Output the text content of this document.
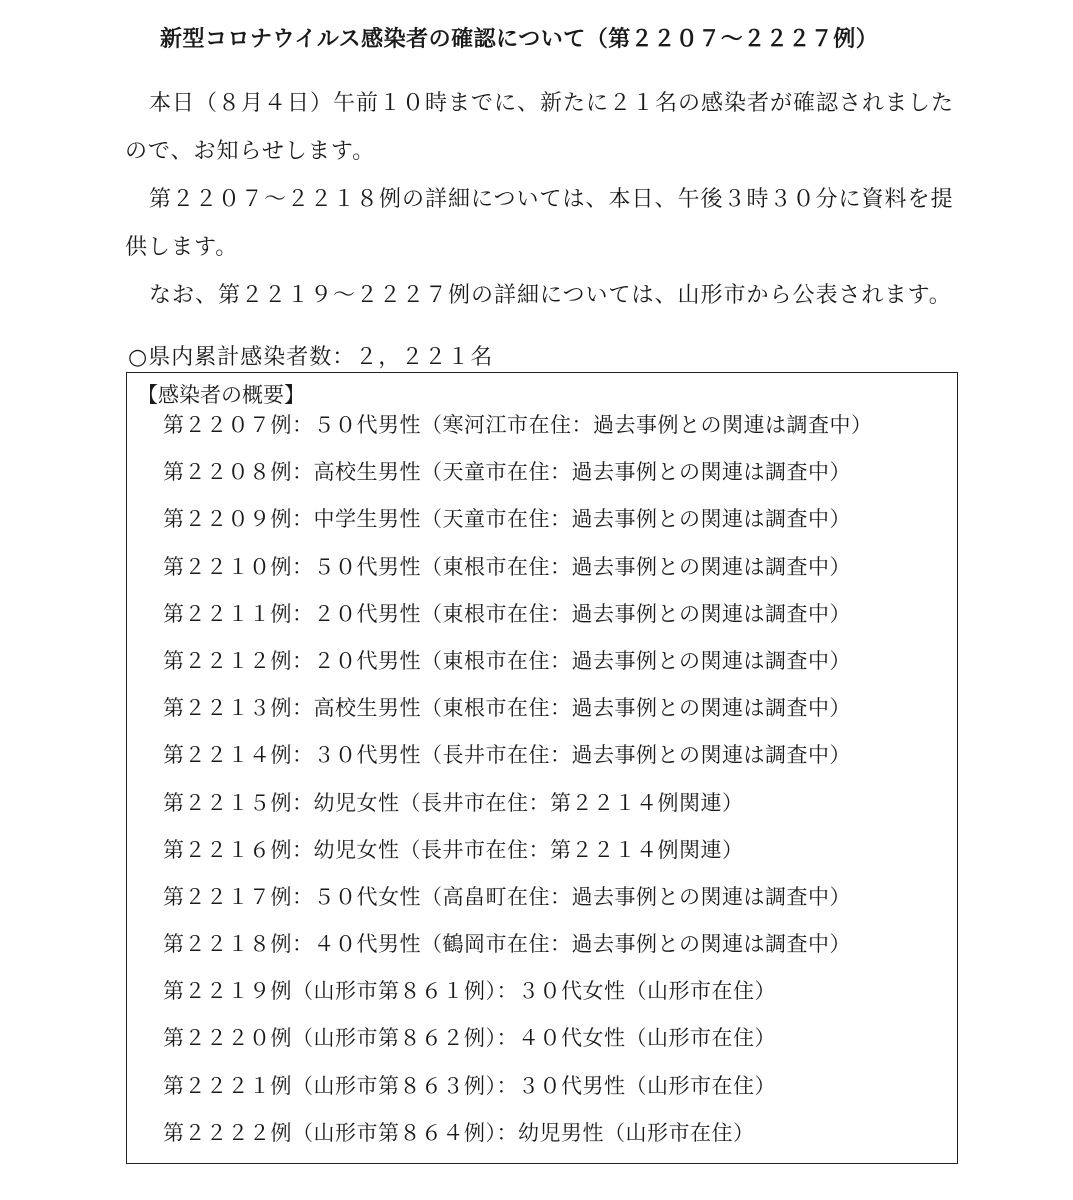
新型コロナウイルス感染者の確認について（第２２０７～２２２７例）
本日（８月４日）午前１０時までに、新たに２１名の感染者が確認されましたので、お知らせします。
第２２０７～２２１８例の詳細については、本日、午後３時３０分に資料を提供します。
なお、第２２１９～２２２７例の詳細については、山形市から公表されます。
○県内累計感染者数：２，２２１名
【感染者の概要】
第２２０７例：５０代男性（寒河江市在住：過去事例との関連は調査中）
第２２０８例：高校生男性（天童市在住：過去事例との関連は調査中）
第２２０９例：中学生男性（天童市在住：過去事例との関連は調査中）
第２２１０例：５０代男性（東根市在住：過去事例との関連は調査中）
第２２１１例：２０代男性（東根市在住：過去事例との関連は調査中）
第２２１２例：２０代男性（東根市在住：過去事例との関連は調査中）
第２２１３例：高校生男性（東根市在住：過去事例との関連は調査中）
第２２１４例：３０代男性（長井市在住：過去事例との関連は調査中）
第２２１５例：幼児女性（長井市在住：第２２１４例関連）
第２２１６例：幼児女性（長井市在住：第２２１４例関連）
第２２１７例：５０代女性（高畠町在住：過去事例との関連は調査中）
第２２１８例：４０代男性（鶴岡市在住：過去事例との関連は調査中）
第２２１９例（山形市第８６１例）：３０代女性（山形市在住）
第２２２０例（山形市第８６２例）：４０代女性（山形市在住）
第２２２１例（山形市第８６３例）：３０代男性（山形市在住）
第２２２２例（山形市第８６４例）：幼児男性（山形市在住）
